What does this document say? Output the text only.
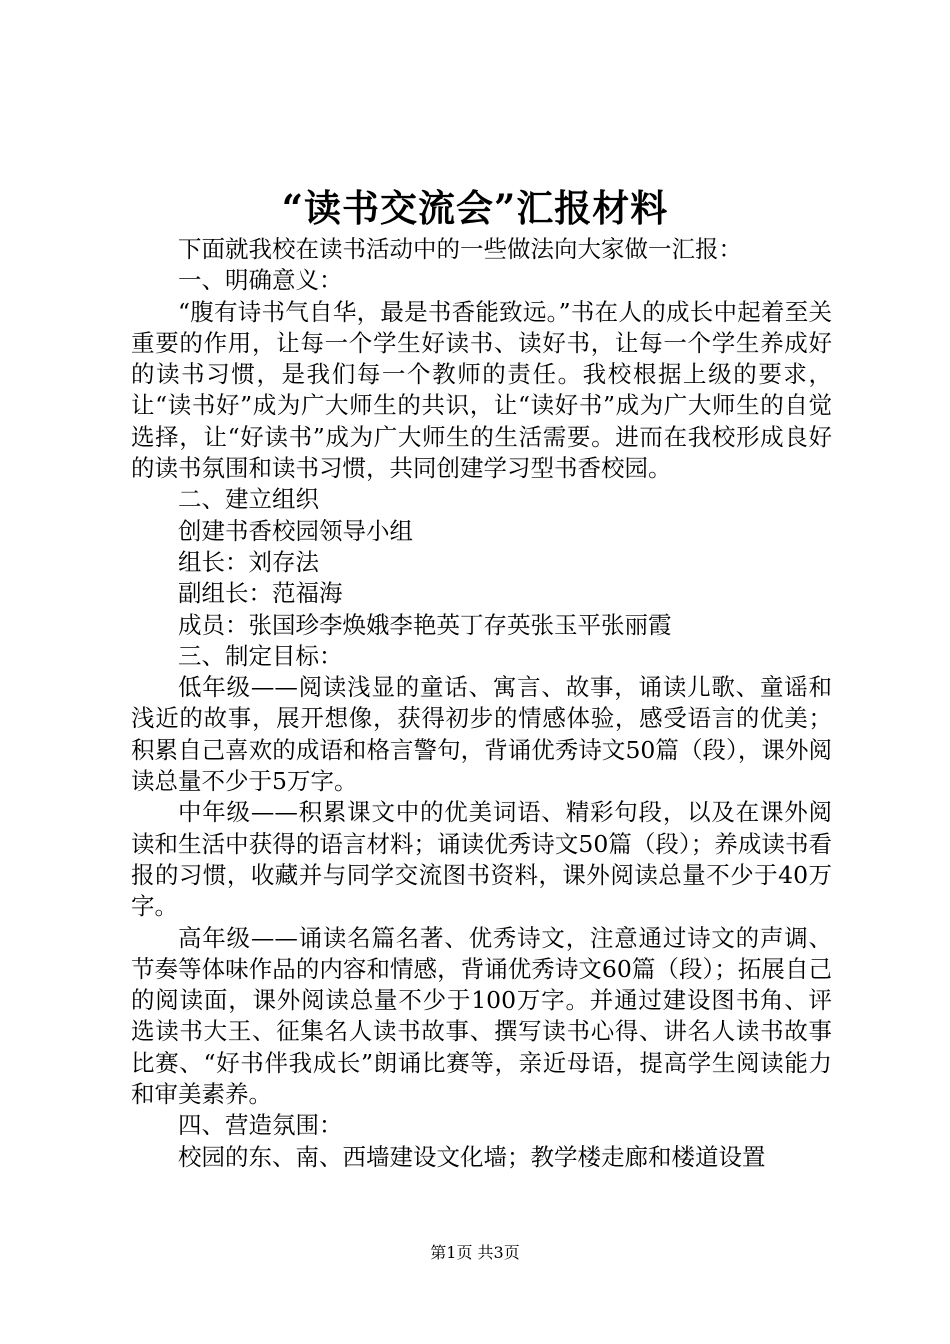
“读书交流会”汇报材料

下面就我校在读书活动中的一些做法向大家做一汇报：

一、明确意义：

“腹有诗书气自华，最是书香能致远。”书在人的成长中起着至关重要的作用，让每一个学生好读书、读好书，让每一个学生养成好的读书习惯，是我们每一个教师的责任。我校根据上级的要求，让“读书好”成为广大师生的共识，让“读好书”成为广大师生的自觉选择，让“好读书”成为广大师生的生活需要。进而在我校形成良好的读书氛围和读书习惯，共同创建学习型书香校园。

二、建立组织

创建书香校园领导小组

组长：刘存法

副组长：范福海

成员：张国珍李焕娥李艳英丁存英张玉平张丽霞

三、制定目标：

低年级——阅读浅显的童话、寓言、故事，诵读儿歌、童谣和浅近的故事，展开想像，获得初步的情感体验，感受语言的优美；积累自己喜欢的成语和格言警句，背诵优秀诗文50篇（段），课外阅读总量不少于5万字。

中年级——积累课文中的优美词语、精彩句段，以及在课外阅读和生活中获得的语言材料；诵读优秀诗文50篇（段）；养成读书看报的习惯，收藏并与同学交流图书资料，课外阅读总量不少于40万字。

高年级——诵读名篇名著、优秀诗文，注意通过诗文的声调、节奏等体味作品的内容和情感，背诵优秀诗文60篇（段）；拓展自己的阅读面，课外阅读总量不少于100万字。并通过建设图书角、评选读书大王、征集名人读书故事、撰写读书心得、讲名人读书故事比赛、“好书伴我成长”朗诵比赛等，亲近母语，提高学生阅读能力和审美素养。

四、营造氛围：

校园的东、南、西墙建设文化墙；教学楼走廊和楼道设置

第1页 共3页
